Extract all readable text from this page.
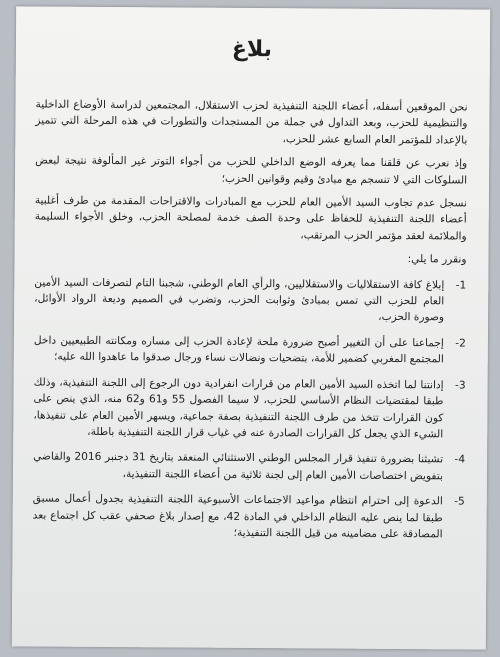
بلاغ

نحن الموقعين أسفله، أعضاء اللجنة التنفيذية لحزب الاستقلال، المجتمعين لدراسة الأوضاع الداخلية والتنظيمية للحزب، وبعد التداول في جملة من المستجدات والتطورات في هذه المرحلة التي تتميز بالإعداد للمؤتمر العام السابع عشر للحزب،

وإذ نعرب عن قلقنا مما يعرفه الوضع الداخلي للحزب من أجواء التوتر غير المألوفة نتيجة لبعض السلوكات التي لا تنسجم مع مبادئ وقيم وقوانين الحزب؛

نسجل عدم تجاوب السيد الأمين العام للحزب مع المبادرات والاقتراحات المقدمة من طرف أغلبية أعضاء اللجنة التنفيذية للحفاظ على وحدة الصف خدمة لمصلحة الحزب، وخلق الأجواء السليمة والملائمة لعقد مؤتمر الحزب المرتقب،

ونقرر ما يلي:

1-
إبلاغ كافة الاستقلاليات والاستقلاليين، والرأي العام الوطني، شجبنا التام لتصرفات السيد الأمين العام للحزب التي تمس بمبادئ وثوابت الحزب، وتضرب في الصميم وديعة الرواد الأوائل، وصورة الحزب،
2-
إجماعنا على أن التغيير أصبح ضرورة ملحة لإعادة الحزب إلى مساره ومكانته الطبيعيين داخل المجتمع المغربي كضمير للأمة، بتضحيات ونضالات نساء ورجال صدقوا ما عاهدوا الله عليه؛
3-
إدانتنا لما اتخذه السيد الأمين العام من قرارات انفرادية دون الرجوع إلى اللجنة التنفيذية، وذلك طبقا لمقتضيات النظام الأساسي للحزب، لا سيما الفصول 55 و61 و62 منه، الذي ينص على كون القرارات تتخذ من طرف اللجنة التنفيذية بصفة جماعية، ويسهر الأمين العام على تنفيذها، الشيء الذي يجعل كل القرارات الصادرة عنه في غياب قرار اللجنة التنفيذية باطلة،
4-
تشبثنا بضرورة تنفيذ قرار المجلس الوطني الاستثنائي المنعقد بتاريخ 31 دجنبر 2016 والقاضي بتفويض اختصاصات الأمين العام إلى لجنة ثلاثية من أعضاء اللجنة التنفيذية،
5-
الدعوة إلى احترام انتظام مواعيد الاجتماعات الأسبوعية اللجنة التنفيذية بجدول أعمال مسبق طبقا لما ينص عليه النظام الداخلي في المادة 42، مع إصدار بلاغ صحفي عقب كل اجتماع بعد المصادقة على مضامينه من قبل اللجنة التنفيذية؛
